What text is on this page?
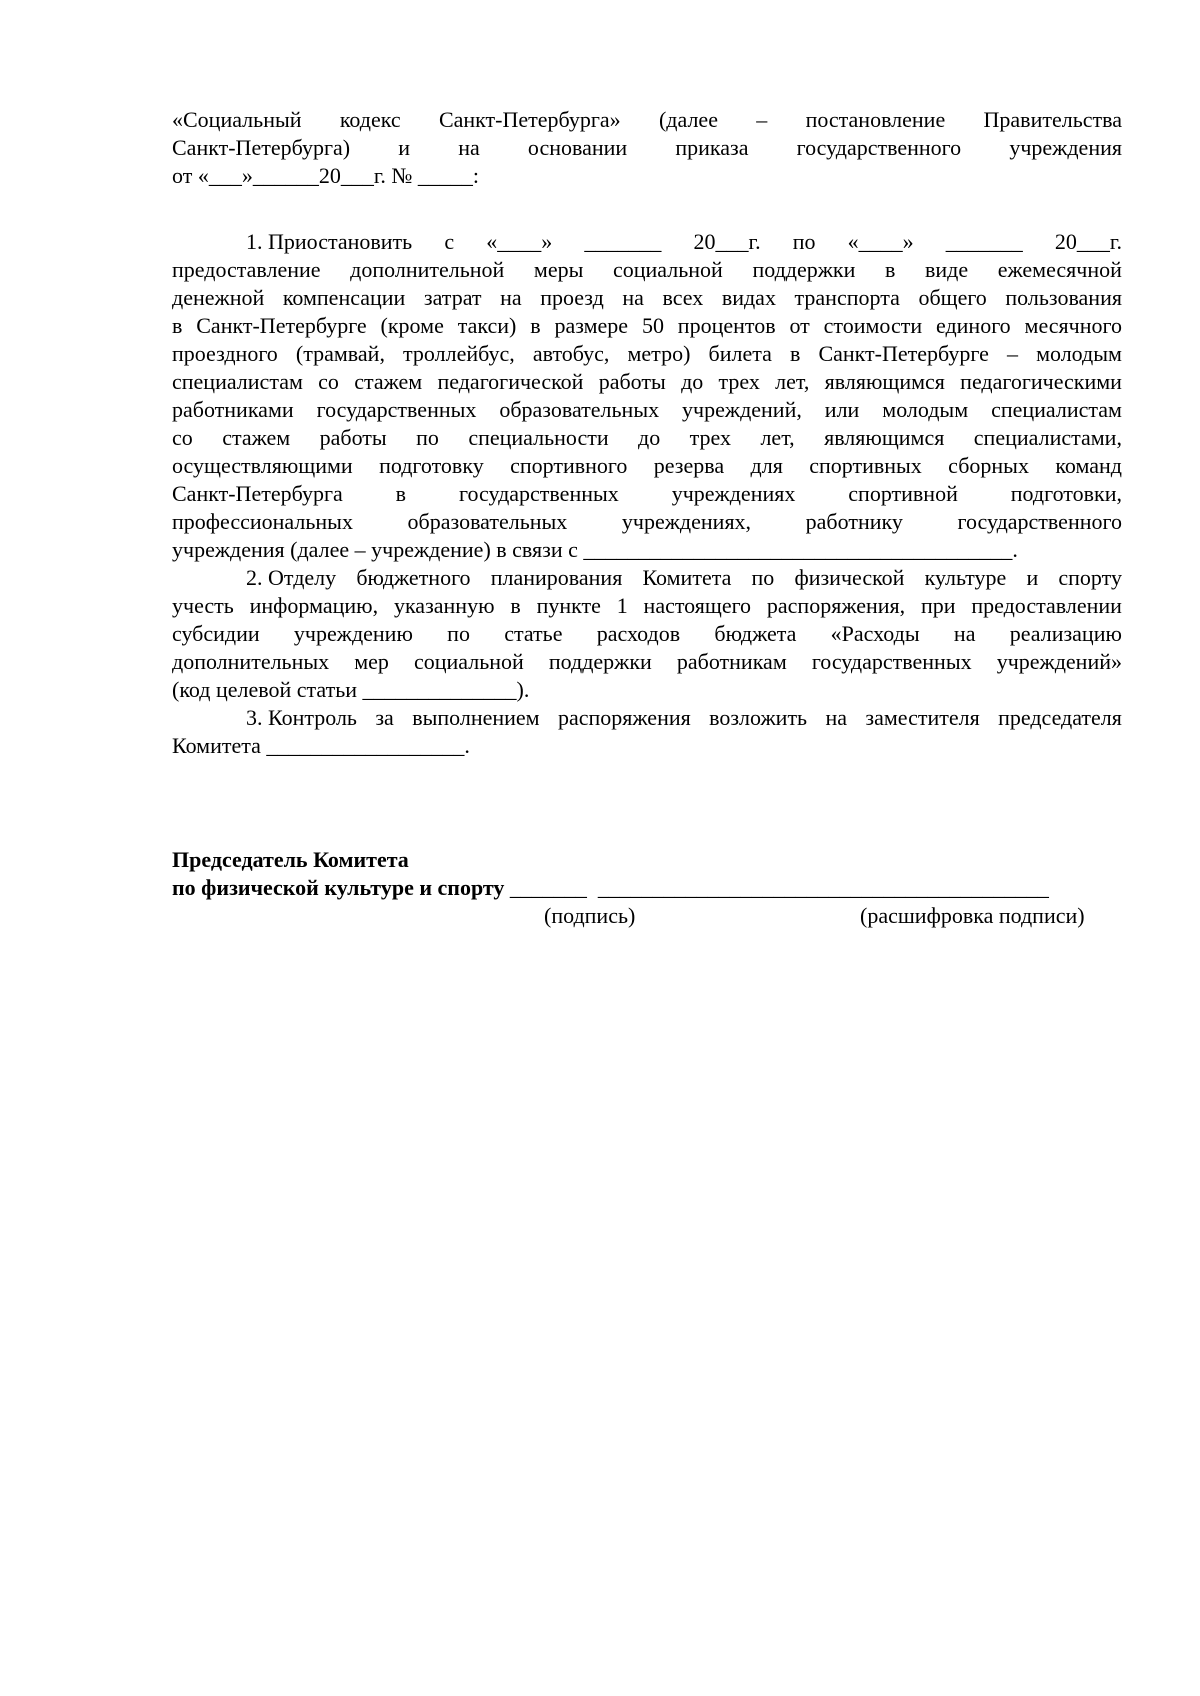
«Социальный кодекс Санкт-Петербурга» (далее – постановление Правительства
Санкт-Петербурга) и на основании приказа государственного учреждения
от «___»______20___г. № _____:
1. Приостановить с «____» _______ 20___г. по «____» _______ 20___г.
предоставление дополнительной меры социальной поддержки в виде ежемесячной
денежной компенсации затрат на проезд на всех видах транспорта общего пользования
в Санкт-Петербурге (кроме такси) в размере 50 процентов от стоимости единого месячного
проездного (трамвай, троллейбус, автобус, метро) билета в Санкт-Петербурге – молодым
специалистам со стажем педагогической работы до трех лет, являющимся педагогическими
работниками государственных образовательных учреждений, или молодым специалистам
со стажем работы по специальности до трех лет, являющимся специалистами,
осуществляющими подготовку спортивного резерва для спортивных сборных команд
Санкт-Петербурга в государственных учреждениях спортивной подготовки,
профессиональных образовательных учреждениях, работнику государственного
учреждения (далее – учреждение) в связи с _______________________________________.
2. Отделу бюджетного планирования Комитета по физической культуре и спорту
учесть информацию, указанную в пункте 1 настоящего распоряжения, при предоставлении
субсидии учреждению по статье расходов бюджета «Расходы на реализацию
дополнительных мер социальной поддержки работникам государственных учреждений»
(код целевой статьи ______________).
3. Контроль за выполнением распоряжения возложить на заместителя председателя
Комитета __________________.
Председатель Комитета
по физической культуре и спорту _______ _________________________________________
(подпись)	(расшифровка подписи)
